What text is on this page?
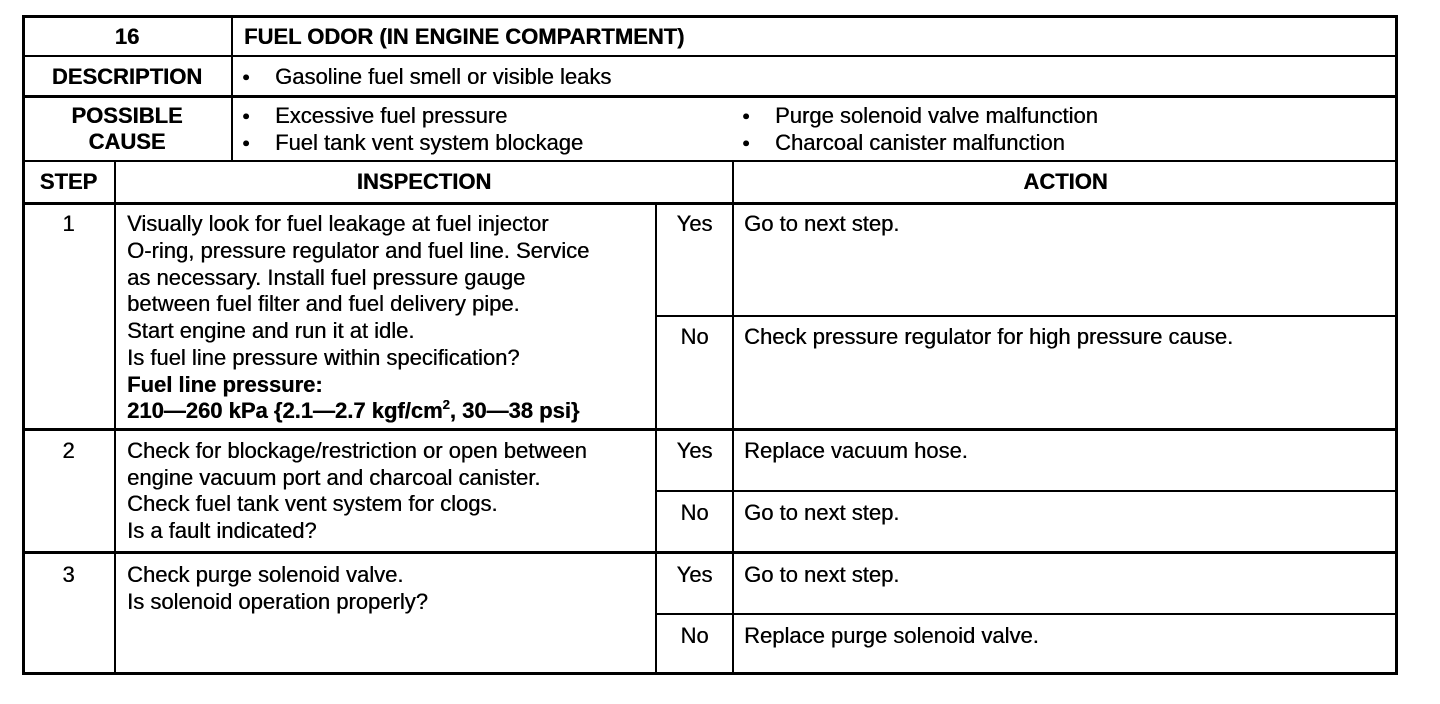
16	FUEL ODOR (IN ENGINE COMPARTMENT)
DESCRIPTION
●	Gasoline fuel smell or visible leaks
POSSIBLE
CAUSE
● Excessive fuel pressure
● Fuel tank vent system blockage
● Purge solenoid valve malfunction
● Charcoal canister malfunction
STEP	INSPECTION	ACTION
1	Visually look for fuel leakage at fuel injector
O-ring, pressure regulator and fuel line. Service
as necessary. Install fuel pressure gauge
between fuel filter and fuel delivery pipe.
Start engine and run it at idle.
Is fuel line pressure within specification?
Fuel line pressure:
210—260 kPa {2.1—2.7 kgf/$cm^2$, 30—38 psi}
Yes	Go to next step.
No	Check pressure regulator for high pressure cause.
2	Check for blockage/restriction or open between
engine vacuum port and charcoal canister.
Check fuel tank vent system for clogs.
Is a fault indicated?
Yes	Replace vacuum hose.
No	Go to next step.
3	Check purge solenoid valve.
Is solenoid operation properly?
Yes	Go to next step.
No	Replace purge solenoid valve.
